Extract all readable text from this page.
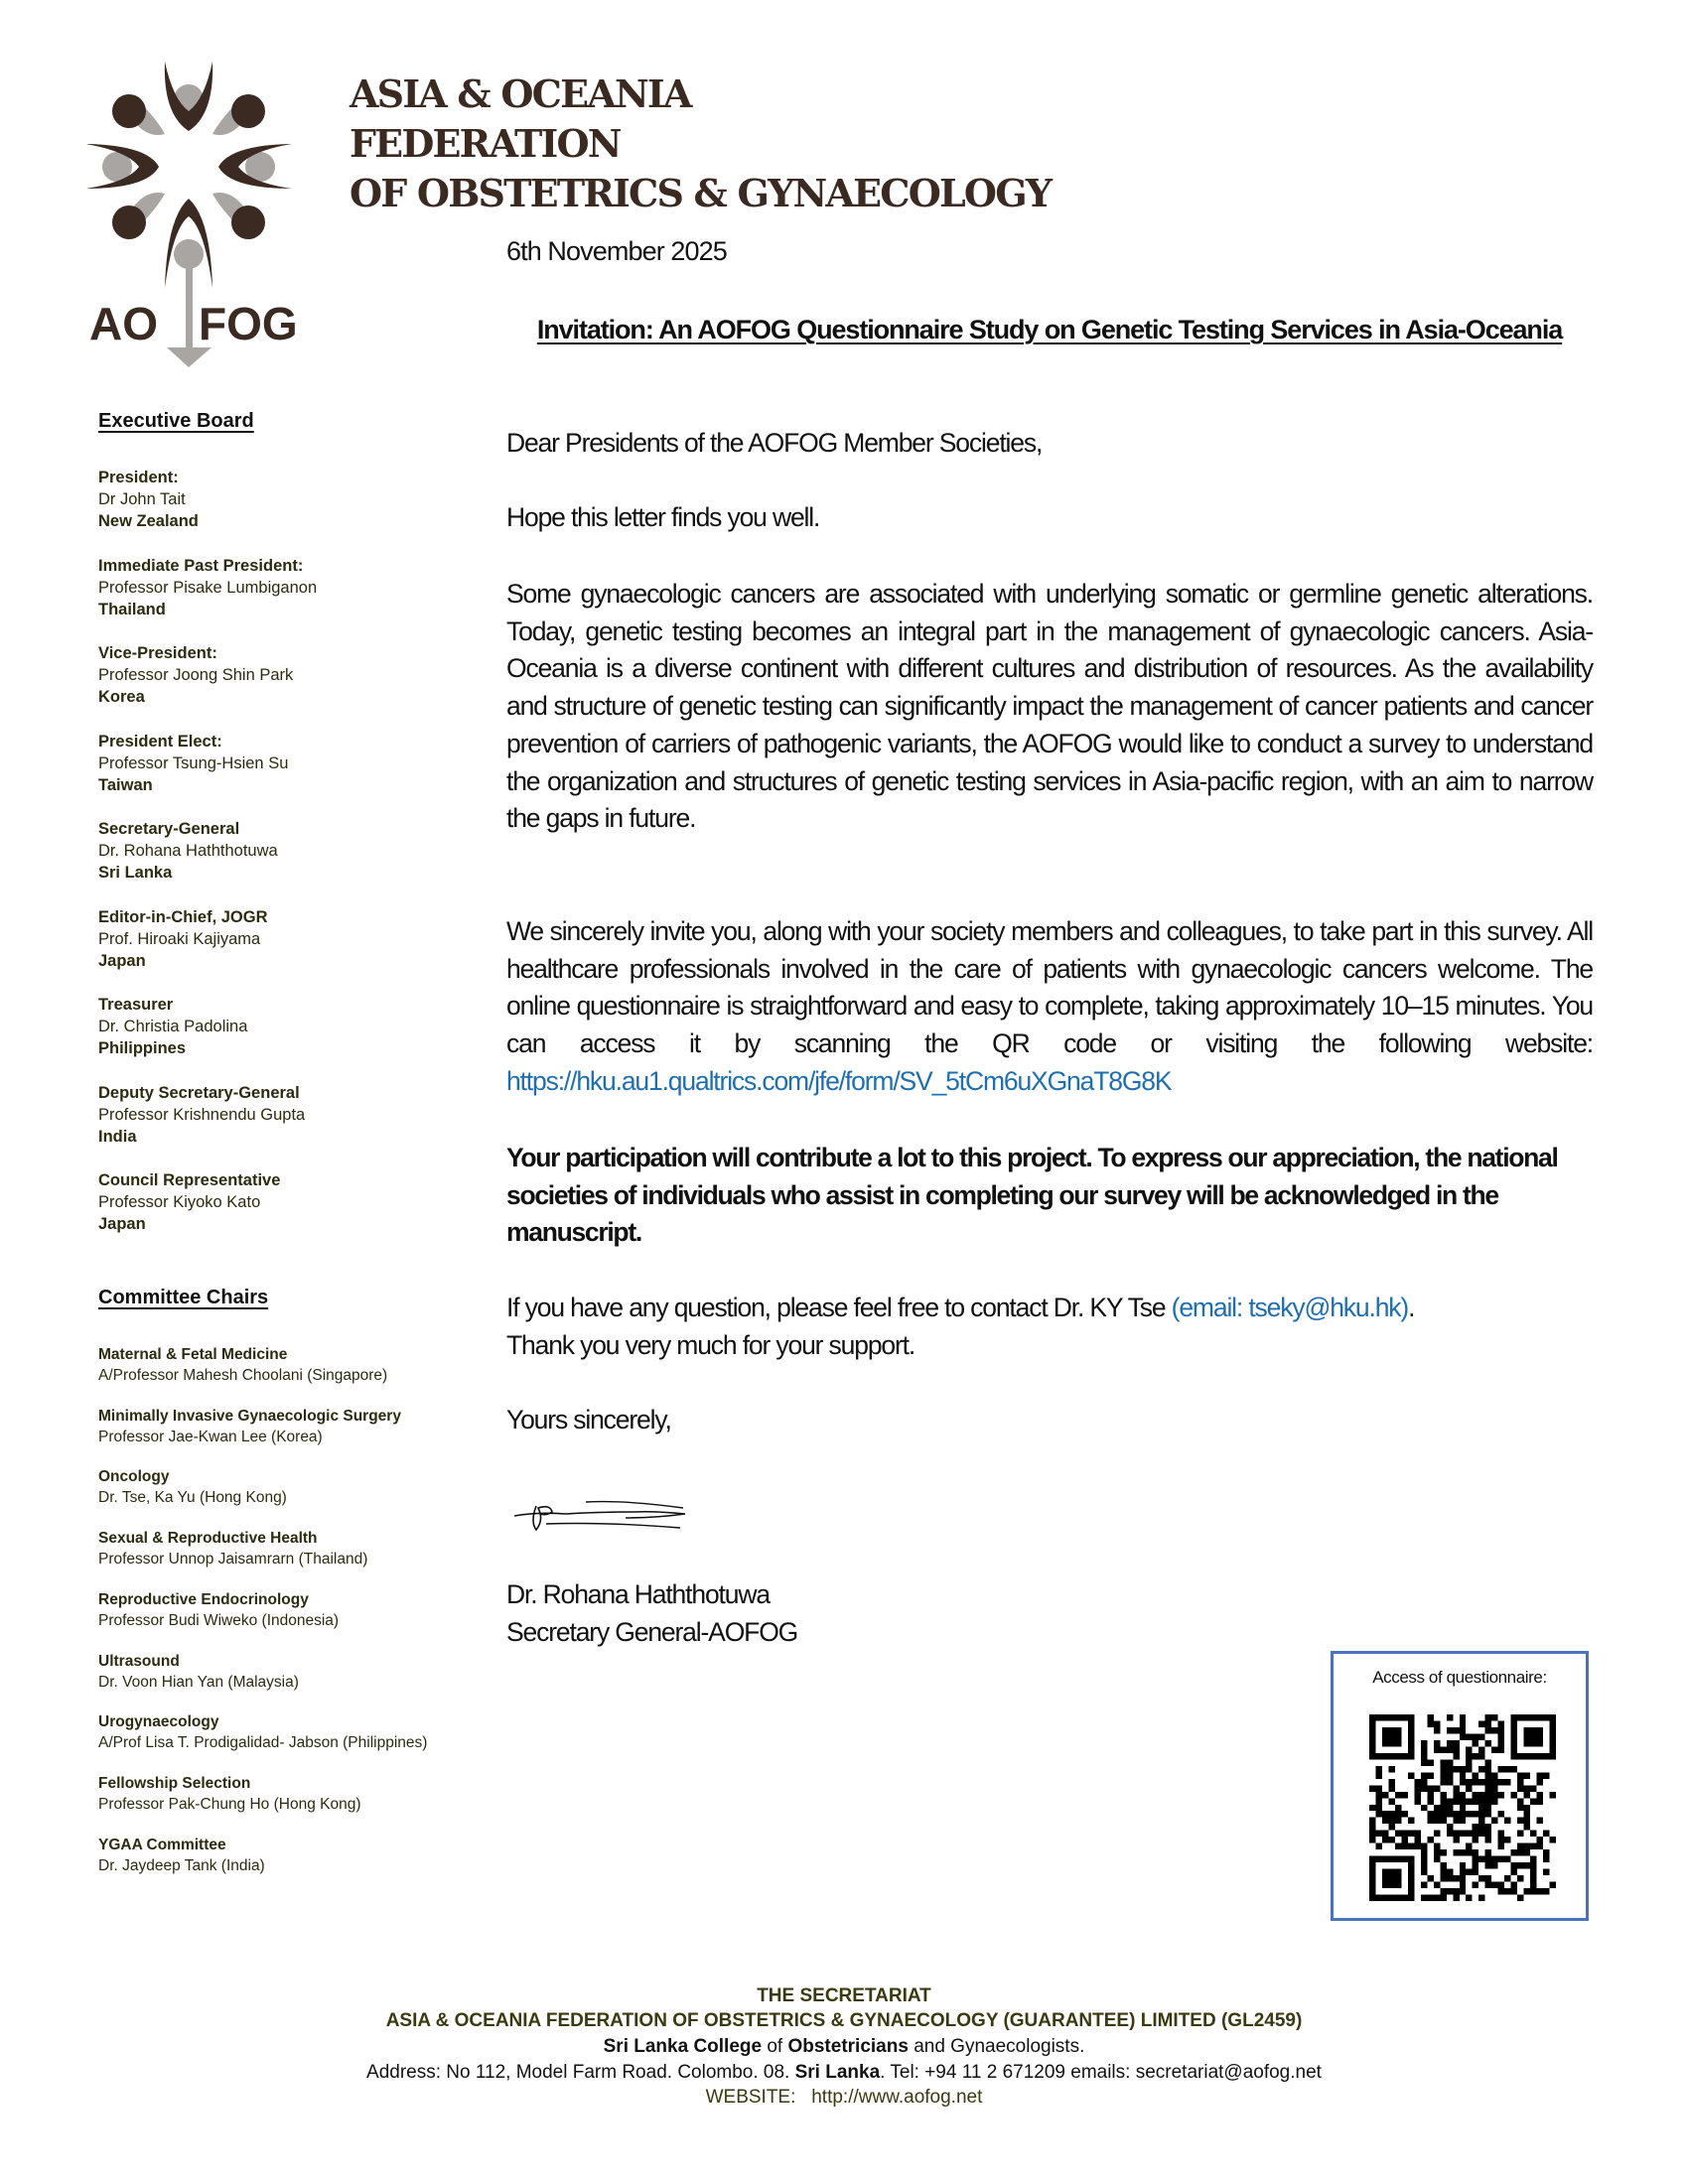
AO FOG
ASIA & OCEANIA
FEDERATION
OF OBSTETRICS & GYNAECOLOGY
6th November 2025
Executive Board
President:
Dr John Tait
New Zealand
Immediate Past President:
Professor Pisake Lumbiganon
Thailand
Vice-President:
Professor Joong Shin Park
Korea
President Elect:
Professor Tsung-Hsien Su
Taiwan
Secretary-General
Dr. Rohana Haththotuwa
Sri Lanka
Editor-in-Chief, JOGR
Prof. Hiroaki Kajiyama
Japan
Treasurer
Dr. Christia Padolina
Philippines
Deputy Secretary-General
Professor Krishnendu Gupta
India
Council Representative
Professor Kiyoko Kato
Japan
Committee Chairs
Maternal & Fetal Medicine
A/Professor Mahesh Choolani (Singapore)
Minimally Invasive Gynaecologic Surgery
Professor Jae-Kwan Lee (Korea)
Oncology
Dr. Tse, Ka Yu (Hong Kong)
Sexual & Reproductive Health
Professor Unnop Jaisamrarn (Thailand)
Reproductive Endocrinology
Professor Budi Wiweko (Indonesia)
Ultrasound
Dr. Voon Hian Yan (Malaysia)
Urogynaecology
A/Prof Lisa T. Prodigalidad- Jabson (Philippines)
Fellowship Selection
Professor Pak-Chung Ho (Hong Kong)
YGAA Committee
Dr. Jaydeep Tank (India)
Invitation: An AOFOG Questionnaire Study on Genetic Testing Services in Asia-Oceania
Dear Presidents of the AOFOG Member Societies,
Hope this letter finds you well.
Some gynaecologic cancers are associated with underlying somatic or germline genetic alterations. Today, genetic testing becomes an integral part in the management of gynaecologic cancers. Asia-Oceania is a diverse continent with different cultures and distribution of resources. As the availability and structure of genetic testing can significantly impact the management of cancer patients and cancer prevention of carriers of pathogenic variants, the AOFOG would like to conduct a survey to understand the organization and structures of genetic testing services in Asia-pacific region, with an aim to narrow the gaps in future.
We sincerely invite you, along with your society members and colleagues, to take part in this survey. All healthcare professionals involved in the care of patients with gynaecologic cancers welcome. The online questionnaire is straightforward and easy to complete, taking approximately 10–15 minutes. You can access it by scanning the QR code or visiting the following website: https://hku.au1.qualtrics.com/jfe/form/SV_5tCm6uXGnaT8G8K
Your participation will contribute a lot to this project. To express our appreciation, the national societies of individuals who assist in completing our survey will be acknowledged in the manuscript.
If you have any question, please feel free to contact Dr. KY Tse (email: tseky@hku.hk).
Thank you very much for your support.
Yours sincerely,
Dr. Rohana Haththotuwa
Secretary General-AOFOG
Access of questionnaire:
THE SECRETARIAT
ASIA & OCEANIA FEDERATION OF OBSTETRICS & GYNAECOLOGY (GUARANTEE) LIMITED (GL2459)
Sri Lanka College of Obstetricians and Gynaecologists.
Address: No 112, Model Farm Road. Colombo. 08. Sri Lanka. Tel: +94 11 2 671209 emails: secretariat@aofog.net
WEBSITE:   http://www.aofog.net
